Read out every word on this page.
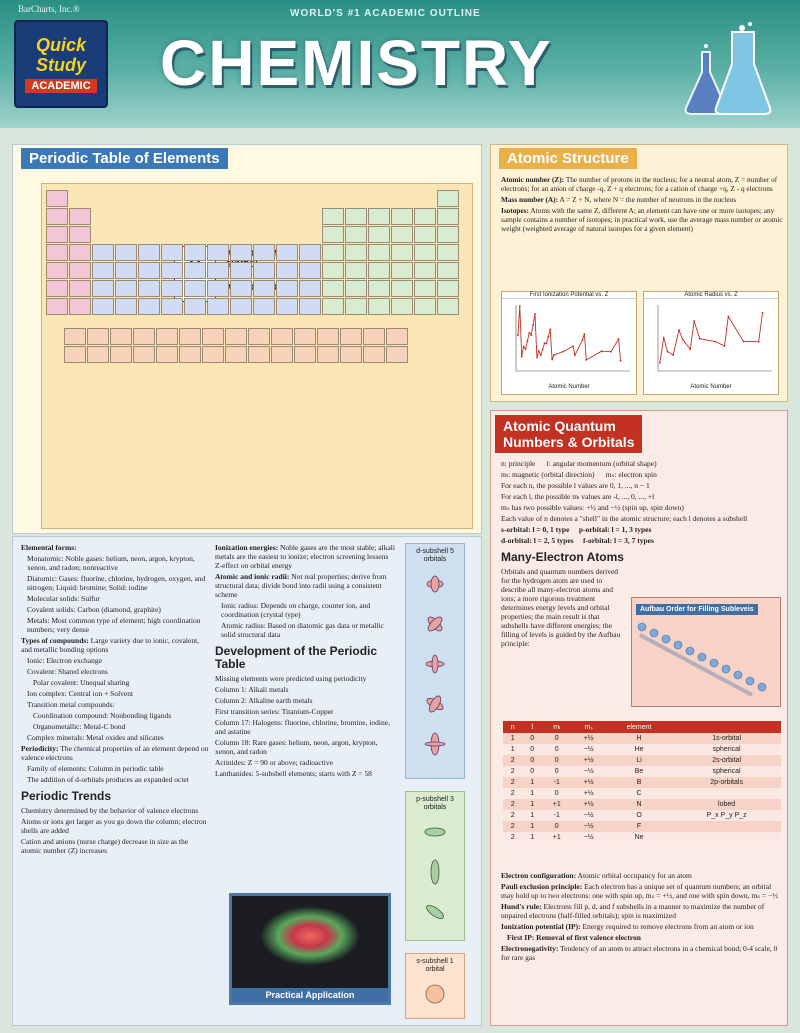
BarCharts, Inc.®	WORLD'S #1 ACADEMIC OUTLINE
Quick
Study
ACADEMIC CHEMISTRY
Periodic Table of Elements

Elemental forms:

Monatomic: Noble gases: helium, neon, argon, krypton, xenon, and radon; nonreactive

Diatomic: Gases: fluorine, chlorine, hydrogen, oxygen, and nitrogen; Liquid: bromine; Solid: iodine

Molecular solids: Sulfur

Covalent solids: Carbon (diamond, graphite)

Metals: Most common type of element; high coordination numbers; very dense

Types of compounds: Large variety due to ionic, covalent, and metallic bonding options

Ionic: Electron exchange

Covalent: Shared electrons

Polar covalent: Unequal sharing

Ion complex: Central ion + Solvent

Transition metal compounds:

Coordination compound: Nonbonding ligands

Organometallic: Metal-C bond

Complex minerals: Metal oxides and silicates

Periodicity: The chemical properties of an element depend on valence electrons

Family of elements: Column in periodic table

The addition of d-orbitals produces an expanded octet

Periodic Trends

Chemistry determined by the behavior of valence electrons

Atoms or ions get larger as you go down the column; electron shells are added

Cation and anions (nurse charge) decrease in size as the atomic number (Z) increases

Ionization energies: Noble gases are the most stable; alkali metals are the easiest to ionize; electron screening lessens Z-effect on orbital energy

Atomic and ionic radii: Not real properties; derive from structural data; divide bond into radii using a consistent scheme

Ionic radius: Depends on charge, counter ion, and coordination (crystal type)

Atomic radius: Based on diatomic gas data or metallic solid structural data

Development of the Periodic Table

Missing elements were predicted using periodicity

Column 1: Alkali metals

Column 2: Alkaline earth metals

First transition series: Titanium-Copper

Column 17: Halogens: fluorine, chlorine, bromine, iodine, and astatine

Column 18: Rare gases: helium, neon, argon, krypton, xenon, and radon

Actinides: Z = 90 or above; radioactive

Lanthanides: 5-subshell elements; starts with Z = 58

Practical Application
d-subshell 5 orbitals
p-subshell 3 orbitals
s-subshell 1 orbital
Atomic Structure

Atomic number (Z): The number of protons in the nucleus; for a neutral atom, Z = number of electrons; for an anion of charge -q, Z + q electrons; for a cation of charge +q, Z - q electrons

Mass number (A): A = Z + N, where N = the number of neutrons in the nucleus

Isotopes: Atoms with the same Z, different A; an element can have one or more isotopes; any sample contains a number of isotopes; in practical work, use the average mass number or atomic weight (weighted average of natural isotopes for a given element)

First Ionization Potential vs. Z
Atomic Number
Atomic Radius vs. Z
Atomic Number
Atomic Quantum
Numbers & Orbitals

n: principle l: angular momentum (orbital shape)

mₗ: magnetic (orbital direction) mₛ: electron spin

For each n, the possible l values are 0, 1, ..., n − 1

For each l, the possible mₗ values are -l, ..., 0, ..., +l

mₛ has two possible values: +½ and −½ (spin up, spin down)

Each value of n denotes a "shell" in the atomic structure; each l denotes a subshell

s-orbital: l = 0, 1 type p-orbital: l = 1, 3 types

d-orbital: l = 2, 5 types f-orbital: l = 3, 7 types

Many-Electron Atoms

Orbitals and quantum numbers derived for the hydrogen atom are used to describe all many-electron atoms and ions; a more rigorous treatment determines energy levels and orbital properties; the main result is that subshells have different energies; the filling of levels is guided by the Aufbau principle:

Aufbau Order for Filling Subleveis
n	l	mₗ	mₛ	element	
1	0	0	+½	H	1s-orbital
1	0	0	−½	He	spherical
2	0	0	+½	Li	2s-orbital
2	0	0	−½	Be	spherical
2	1	-1	+½	B	2p-orbitals
2	1	0	+½	C	
2	1	+1	+½	N	lobed
2	1	-1	−½	O	P_x P_y P_z
2	1	0	−½	F	
2	1	+1	−½	Ne	

Electron configuration: Atomic orbital occupancy for an atom

Pauli exclusion principle: Each electron has a unique set of quantum numbers; an orbital may hold up to two electrons: one with spin up, mₛ = +½, and one with spin down, mₛ = −½

Hund's rule: Electrons fill p, d, and f subshells in a manner to maximize the number of unpaired electrons (half-filled orbitals); spin is maximized

Ionization potential (IP): Energy required to remove electrons from an atom or ion

First IP: Removal of first valence electron

Electronegativity: Tendency of an atom to attract electrons in a chemical bond; 0-4 scale, 0 for rare gas
